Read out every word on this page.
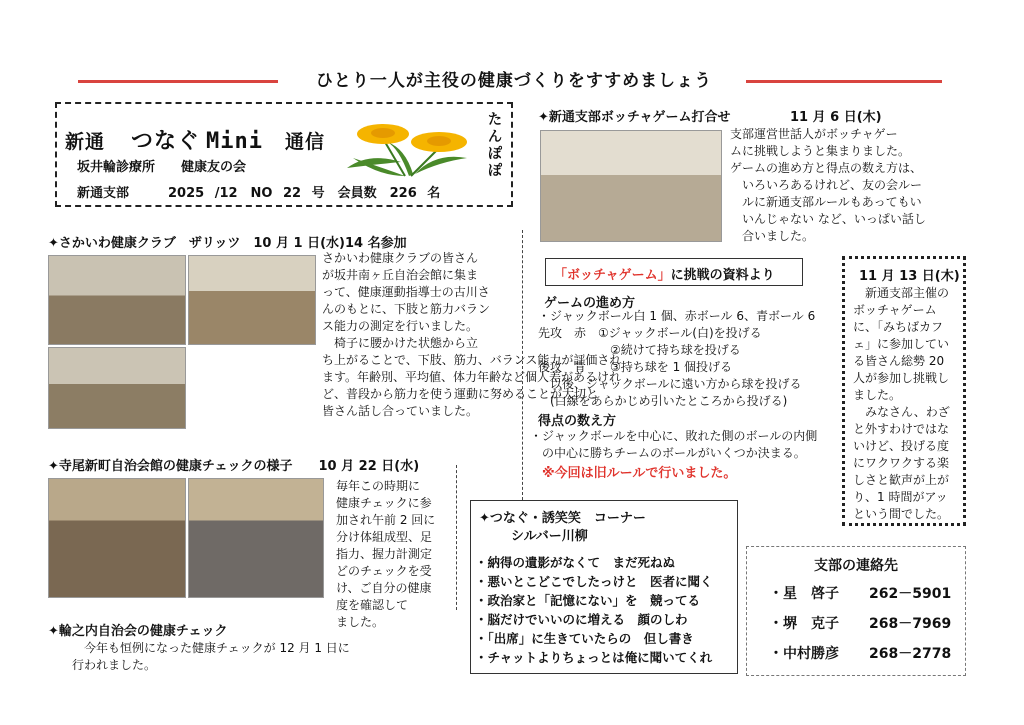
ひとり一人が主役の健康づくりをすすめましょう
新通 つなぐ Mini 通信
坂井輪診療所　　健康友の会
新通支部　　　2025 /12　NO 22 号　会員数　226 名
たんぽぽ
✦さかいわ健康クラブ　ザリッツ　10 月 1 日(水)14 名参加
さかいわ健康クラブの皆さん
が坂井南ヶ丘自治会館に集ま
って、健康運動指導士の古川さ
んのもとに、下肢と筋力バラン
ス能力の測定を行いました。
　椅子に腰かけた状態から立
ち上がることで、下肢、筋力、バランス能力が評価され
ます。年齢別、平均値、体力年齢など個人差があるけれ
ど、普段から筋力を使う運動に努めることが大切と
皆さん話し合っていました。
✦寺尾新町自治会館の健康チェックの様子　　10 月 22 日(水)
毎年この時期に
健康チェックに参
加され午前 2 回に
分け体組成型、足
指力、握力計測定
どのチェックを受
け、ご自分の健康
度を確認して
ました。
✦輪之内自治会の健康チェック
　今年も恒例になった健康チェックが 12 月 1 日に
行われました。
✦新通支部ボッチャゲーム打合せ	11 月 6 日(木)
支部運営世話人がボッチャゲー
ムに挑戦しようと集まりました。
ゲームの進め方と得点の数え方は、
　いろいろあるけれど、友の会ルー
　ルに新通支部ルールもあってもい
　いんじゃない など、いっぱい話し
　合いました。
「ボッチャゲーム」に挑戦の資料より
ゲームの進め方
・ジャックボール白 1 個、赤ボール 6、青ボール 6
先攻　赤　①ジャックボール(白)を投げる
　　　　　　②続けて持ち球を投げる
後攻　青　　③持ち球を 1 個投げる
　以後、ジャックボールに遠い方から球を投げる
　(白線をあらかじめ引いたところから投げる)
得点の数え方
・ジャックボールを中心に、敗れた側のボールの内側
　の中心に勝ちチームのボールがいくつか決まる。
※今回は旧ルールで行いました。
11 月 13 日(木)
　新通支部主催の
ボッチャゲーム
に、「みちばカフ
ェ」に参加してい
る皆さん総勢 20
人が参加し挑戦し
ました。
　みなさん、わざ
と外すわけではな
いけど、投げる度
にワクワクする楽
しさと歓声が上が
り、1 時間がアッ
という間でした。
✦つなぐ・誘笑笑　コーナー
シルバー川柳
・納得の遺影がなくて　まだ死ねぬ
・悪いとこどこでしたっけと　医者に聞く
・政治家と「記憶にない」を　競ってる
・脳だけでいいのに増える　顔のしわ
・「出席」に生きていたらの　但し書き
・チャットよりちょっとは俺に聞いてくれ
支部の連絡先
・星　啓子	262－5901
・堺　克子	268－7969
・中村勝彦	268－2778
